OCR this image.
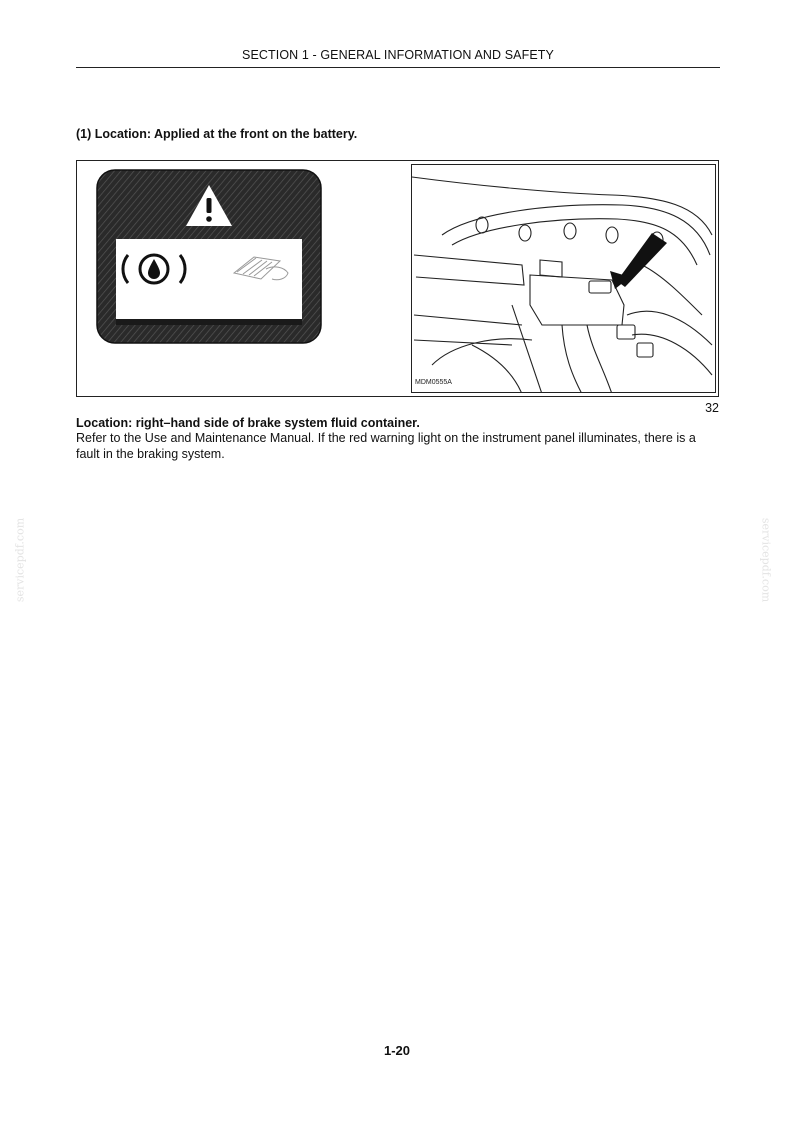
SECTION 1 - GENERAL INFORMATION AND SAFETY
(1) Location: Applied at the front on the battery.
MDM0555A
32
Location: right–hand side of brake system fluid container.
Refer to the Use and Maintenance Manual. If the red warning light on the instrument panel illuminates, there is a fault in the braking system.
servicepdf.com	servicepdf.com
1-20
